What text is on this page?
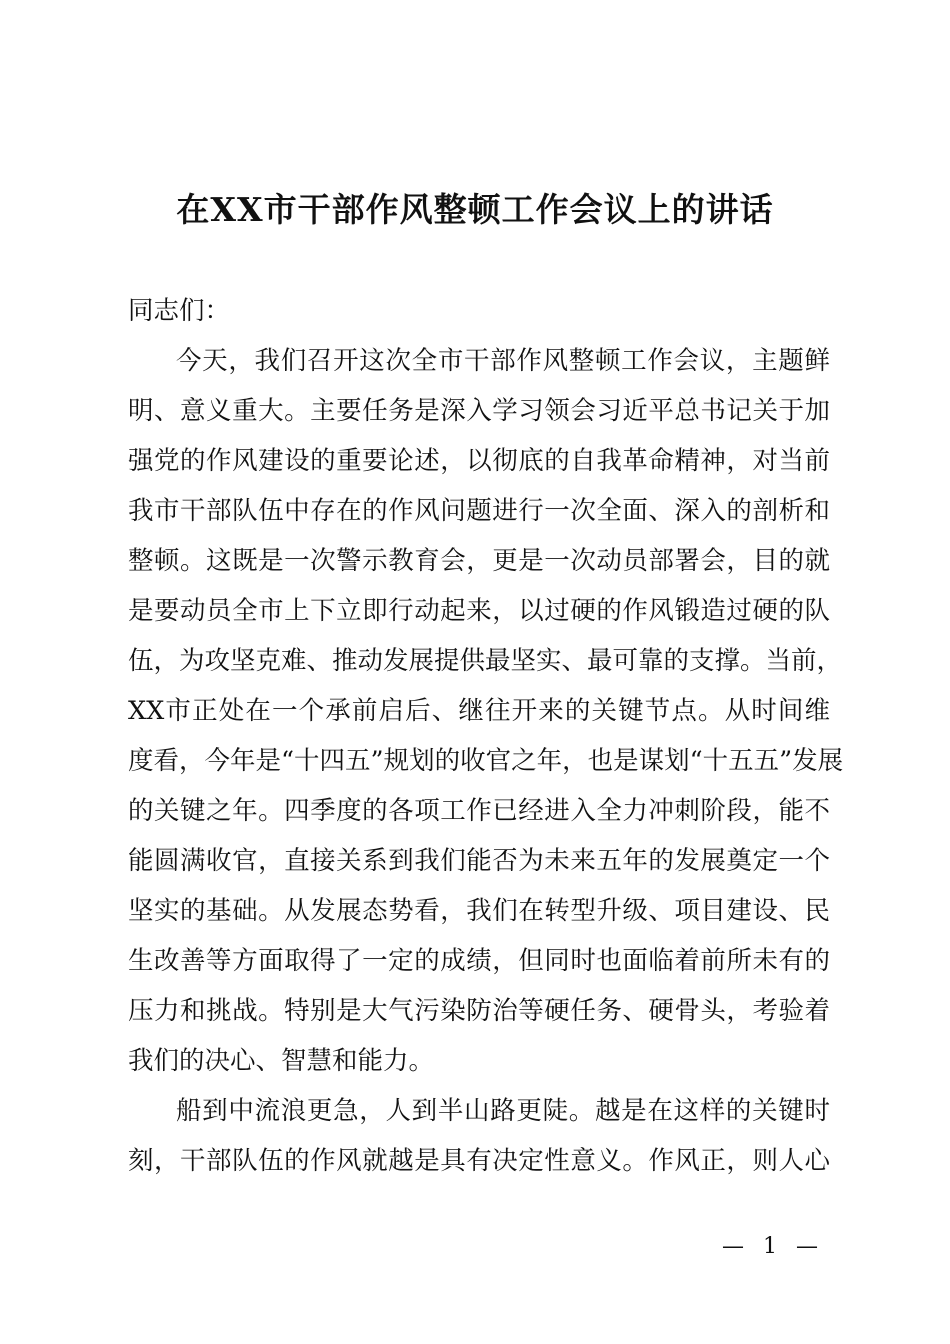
在XX市干部作风整顿工作会议上的讲话
同志们：
今天，我们召开这次全市干部作风整顿工作会议，主题鲜
明、意义重大。主要任务是深入学习领会习近平总书记关于加
强党的作风建设的重要论述，以彻底的自我革命精神，对当前
我市干部队伍中存在的作风问题进行一次全面、深入的剖析和
整顿。这既是一次警示教育会，更是一次动员部署会，目的就
是要动员全市上下立即行动起来，以过硬的作风锻造过硬的队
伍，为攻坚克难、推动发展提供最坚实、最可靠的支撑。当前，
XX市正处在一个承前启后、继往开来的关键节点。从时间维
度看，今年是“十四五”规划的收官之年，也是谋划“十五五”发展
的关键之年。四季度的各项工作已经进入全力冲刺阶段，能不
能圆满收官，直接关系到我们能否为未来五年的发展奠定一个
坚实的基础。从发展态势看，我们在转型升级、项目建设、民
生改善等方面取得了一定的成绩，但同时也面临着前所未有的
压力和挑战。特别是大气污染防治等硬任务、硬骨头，考验着
我们的决心、智慧和能力。
船到中流浪更急，人到半山路更陡。越是在这样的关键时
刻，干部队伍的作风就越是具有决定性意义。作风正，则人心
— 1 —
